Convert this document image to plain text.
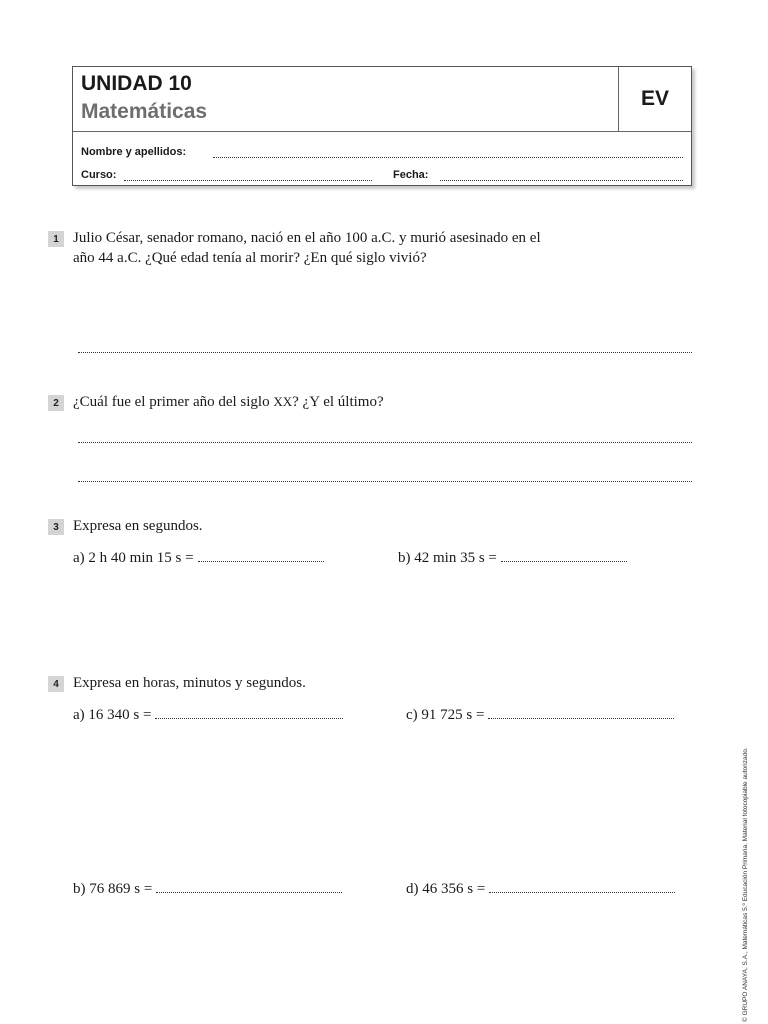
UNIDAD 10
Matemáticas
EV
Nombre y apellidos:
Curso:	Fecha:
1 Julio César, senador romano, nació en el año 100 a.C. y murió asesinado en el
año 44 a.C. ¿Qué edad tenía al morir? ¿En qué siglo vivió?
2 ¿Cuál fue el primer año del siglo XX? ¿Y el último?
3 Expresa en segundos.
a) 2 h 40 min 15 s =	b) 42 min 35 s =
4 Expresa en horas, minutos y segundos.
a) 16 340 s =	c) 91 725 s =
b) 76 869 s =	d) 46 356 s =	© GRUPO ANAYA, S.A., Matemáticas 5.º Educación Primaria. Material fotocopiable autorizado.
